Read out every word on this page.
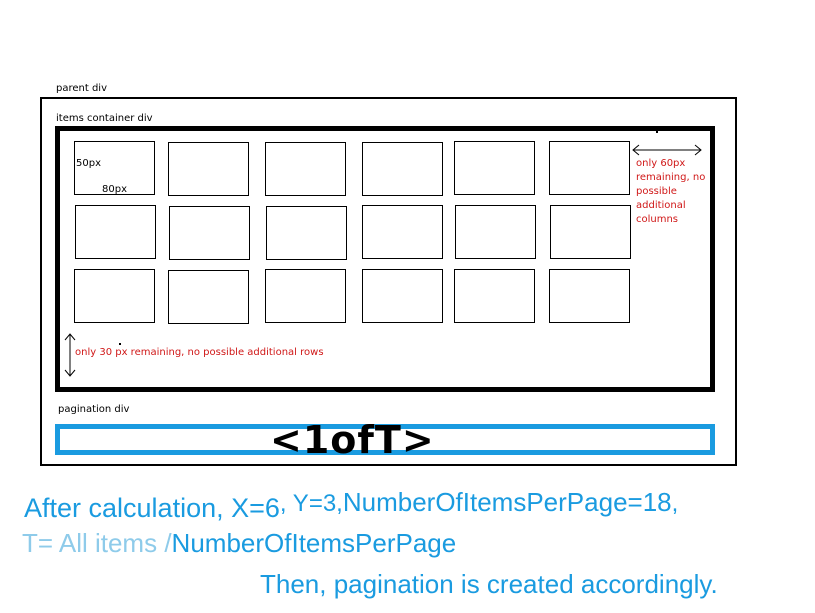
parent div
items container div
pagination div
50px
80px
only 60px
remaining, no
possible
additional
columns
only 30 px remaining, no possible additional rows
<1ofT>
After calculation, X=6, Y=3,NumberOfItemsPerPage=18,
T= All items /NumberOfItemsPerPage
Then, pagination is created accordingly.
